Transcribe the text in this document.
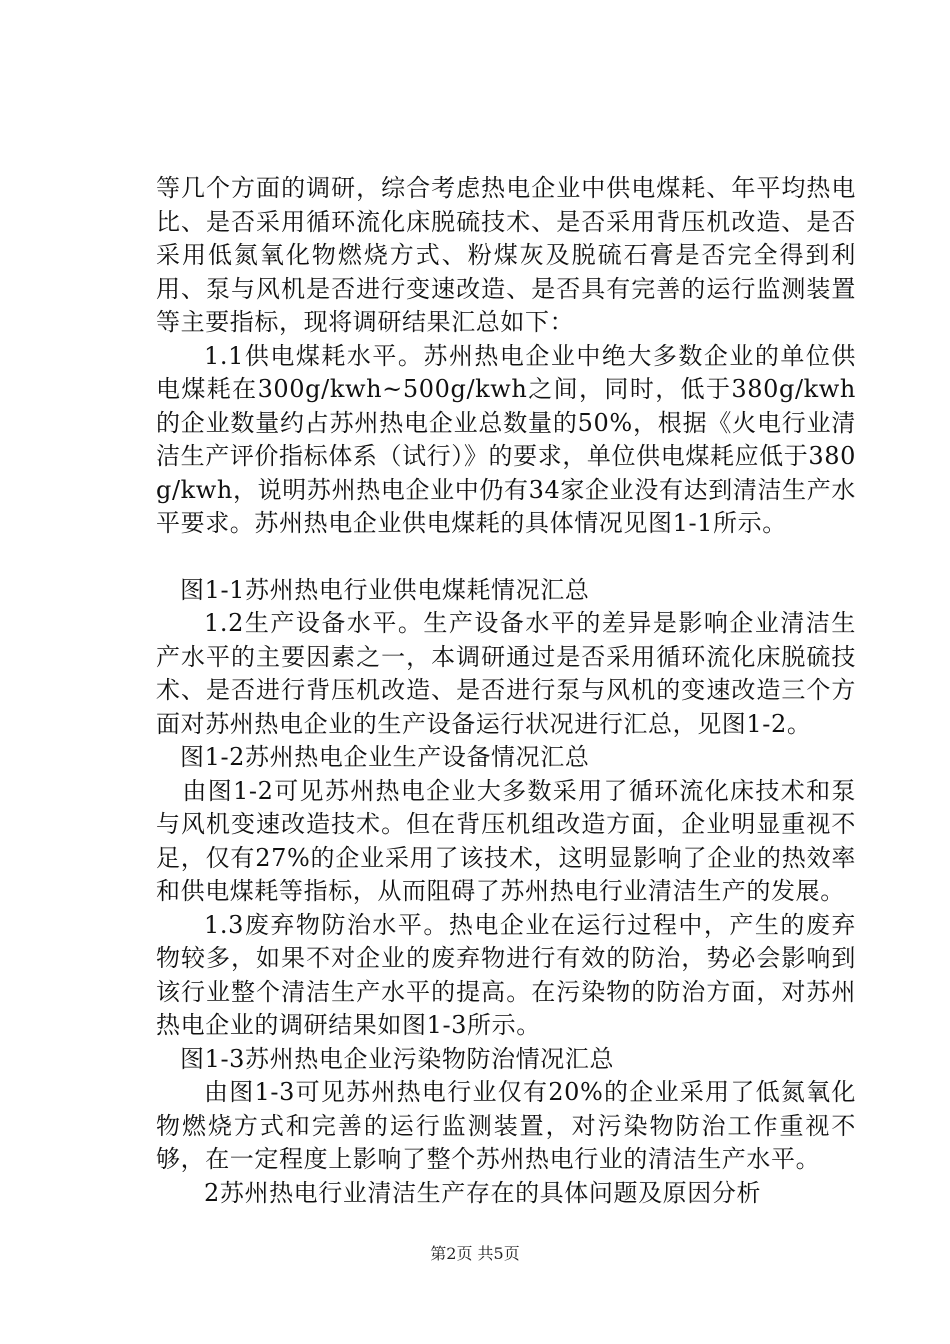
等几个方面的调研，综合考虑热电企业中供电煤耗、年平均热电比、是否采用循环流化床脱硫技术、是否采用背压机改造、是否采用低氮氧化物燃烧方式、粉煤灰及脱硫石膏是否完全得到利用、泵与风机是否进行变速改造、是否具有完善的运行监测装置等主要指标，现将调研结果汇总如下：

1.1供电煤耗水平。苏州热电企业中绝大多数企业的单位供电煤耗在300g/kwh~500g/kwh之间，同时，低于380g/kwh的企业数量约占苏州热电企业总数量的50%，根据《火电行业清洁生产评价指标体系（试行）》的要求，单位供电煤耗应低于380g/kwh，说明苏州热电企业中仍有34家企业没有达到清洁生产水平要求。苏州热电企业供电煤耗的具体情况见图1-1所示。

图1-1苏州热电行业供电煤耗情况汇总

1.2生产设备水平。生产设备水平的差异是影响企业清洁生产水平的主要因素之一，本调研通过是否采用循环流化床脱硫技术、是否进行背压机改造、是否进行泵与风机的变速改造三个方面对苏州热电企业的生产设备运行状况进行汇总，见图1-2。

图1-2苏州热电企业生产设备情况汇总

由图1-2可见苏州热电企业大多数采用了循环流化床技术和泵与风机变速改造技术。但在背压机组改造方面，企业明显重视不足，仅有27%的企业采用了该技术，这明显影响了企业的热效率和供电煤耗等指标，从而阻碍了苏州热电行业清洁生产的发展。

1.3废弃物防治水平。热电企业在运行过程中，产生的废弃物较多，如果不对企业的废弃物进行有效的防治，势必会影响到该行业整个清洁生产水平的提高。在污染物的防治方面，对苏州热电企业的调研结果如图1-3所示。

图1-3苏州热电企业污染物防治情况汇总

由图1-3可见苏州热电行业仅有20%的企业采用了低氮氧化物燃烧方式和完善的运行监测装置，对污染物防治工作重视不够，在一定程度上影响了整个苏州热电行业的清洁生产水平。

2苏州热电行业清洁生产存在的具体问题及原因分析

第2页 共5页
